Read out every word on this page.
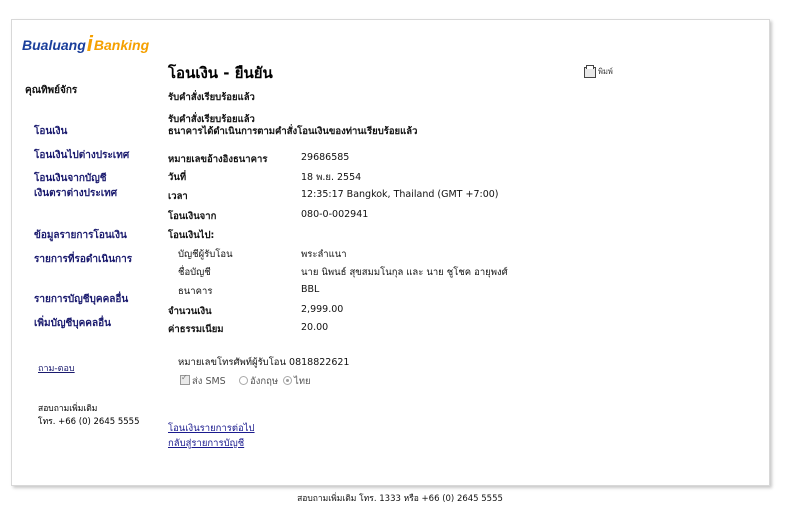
Bualuang i Banking
คุณทิพย์จักร
โอนเงิน
โอนเงินไปต่างประเทศ
โอนเงินจากบัญชี
เงินตราต่างประเทศ
ข้อมูลรายการโอนเงิน
รายการที่รอดำเนินการ
รายการบัญชีบุคคลอื่น
เพิ่มบัญชีบุคคลอื่น
ถาม-ตอบ
สอบถามเพิ่มเติม
โทร. +66 (0) 2645 5555
โอนเงิน - ยืนยัน	พิมพ์
รับคำสั่งเรียบร้อยแล้ว
รับคำสั่งเรียบร้อยแล้ว
ธนาคารได้ดำเนินการตามคำสั่งโอนเงินของท่านเรียบร้อยแล้ว
หมายเลขอ้างอิงธนาคาร	29686585
วันที่	18 พ.ย. 2554
เวลา	12:35:17 Bangkok, Thailand (GMT +7:00)
โอนเงินจาก	080-0-002941
โอนเงินไป:
บัญชีผู้รับโอน	พระลำแนา
ชื่อบัญชี	นาย นิพนธ์ สุขสมมโนกุล และ นาย ชูโชค อายุพงศ์
ธนาคาร	BBL
จำนวนเงิน	2,999.00
ค่าธรรมเนียม	20.00
หมายเลขโทรศัพท์ผู้รับโอน 0818822621
✓
ส่ง SMS	อังกฤษ ไทย
โอนเงินรายการต่อไป
กลับสู่รายการบัญชี
สอบถามเพิ่มเติม โทร. 1333 หรือ +66 (0) 2645 5555
